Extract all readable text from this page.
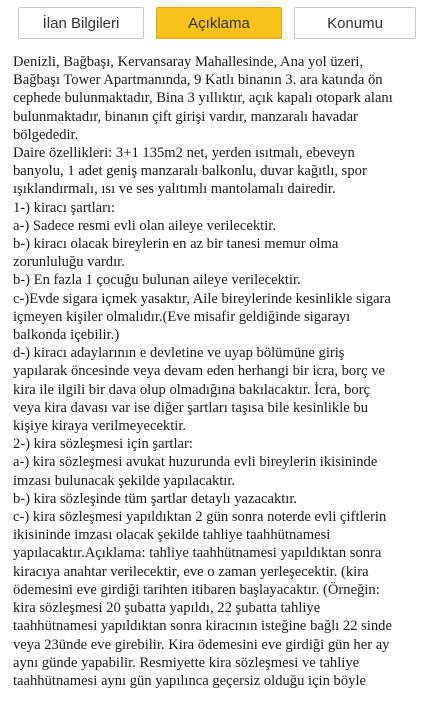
İlan Bilgileri	Açıklama	Konumu
Denizli, Bağbaşı, Kervansaray Mahallesinde, Ana yol üzeri,
Bağbaşı Tower Apartmanında, 9 Katlı binanın 3. ara katında ön
cephede bulunmaktadır, Bina 3 yıllıktır, açık kapalı otopark alanı
bulunmaktadır, binanın çift girişi vardır, manzaralı havadar
bölgededir.
Daire özellikleri: 3+1 135m2 net, yerden ısıtmalı, ebeveyn
banyolu, 1 adet geniş manzaralı balkonlu, duvar kağıtlı, spor
ışıklandırmalı, ısı ve ses yalıtımlı mantolamalı dairedir.
1-) kiracı şartları:
a-) Sadece resmi evli olan aileye verilecektir.
b-) kiracı olacak bireylerin en az bir tanesi memur olma
zorunluluğu vardır.
b-) En fazla 1 çocuğu bulunan aileye verilecektir.
c-)Evde sigara içmek yasaktır, Aile bireylerinde kesinlikle sigara
içmeyen kişiler olmalıdır.(Eve misafir geldiğinde sigarayı
balkonda içebilir.)
d-) kiracı adaylarının e devletine ve uyap bölümüne giriş
yapılarak öncesinde veya devam eden herhangi bir icra, borç ve
kira ile ilgili bir dava olup olmadığına bakılacaktır. İcra, borç
veya kira davası var ise diğer şartları taşısa bile kesinlikle bu
kişiye kiraya verilmeyecektir.
2-) kira sözleşmesi için şartlar:
a-) kira sözleşmesi avukat huzurunda evli bireylerin ikisininde
imzası bulunacak şekilde yapılacaktır.
b-) kira sözleşinde tüm şartlar detaylı yazacaktır.
c-) kira sözleşmesi yapıldıktan 2 gün sonra noterde evli çiftlerin
ikisininde imzası olacak şekilde tahliye taahhütnamesi
yapılacaktır.Açıklama: tahliye taahhütnamesi yapıldıktan sonra
kiracıya anahtar verilecektir, eve o zaman yerleşecektir. (kira
ödemesini eve girdiği tarihten itibaren başlayacaktır. (Örneğin:
kira sözleşmesi 20 şubatta yapıldı, 22 şubatta tahliye
taahhütnamesi yapıldıktan sonra kiracının isteğine bağlı 22 sinde
veya 23ünde eve girebilir. Kira ödemesini eve girdiği gün her ay
aynı günde yapabilir. Resmiyette kira sözleşmesi ve tahliye
taahhütnamesi aynı gün yapılınca geçersiz olduğu için böyle
